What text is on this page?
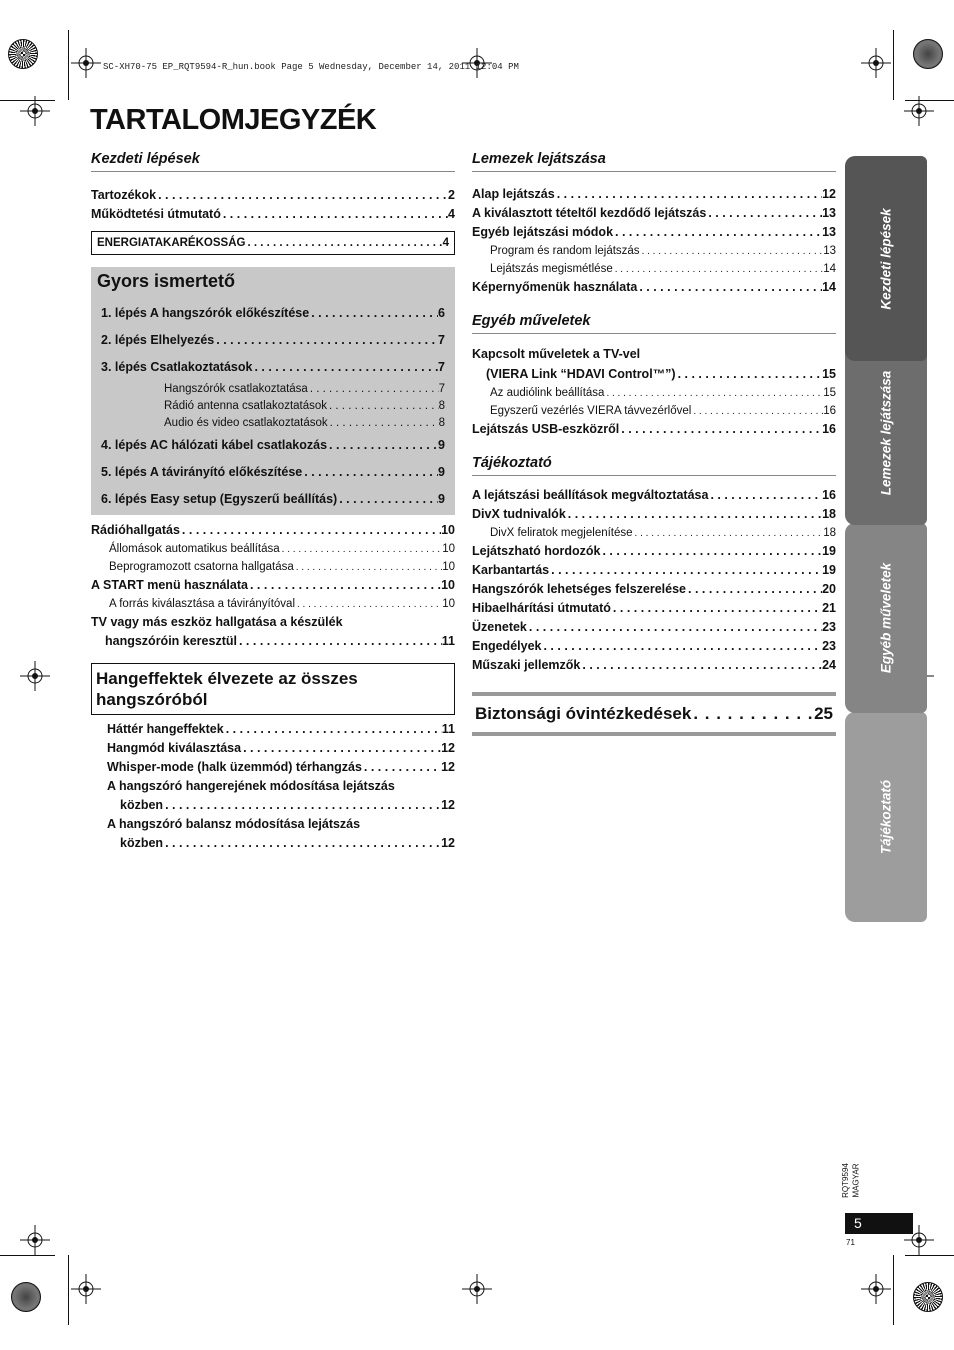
SC-XH70-75 EP_RQT9594-R_hun.book Page 5 Wednesday, December 14, 2011 12:04 PM
TARTALOMJEGYZÉK
Kezdeti lépések
Tartozékok . . .	2
Működtetési útmutató . . .	4
ENERGIATAKARÉKOSSÁG . . .	4
Gyors ismertető
1. lépés A hangszórók előkészítése . . .	6
2. lépés Elhelyezés . . .	7
3. lépés Csatlakoztatások . . .	7
Hangszórók csatlakoztatása . . .	7
Rádió antenna csatlakoztatások . . .	8
Audio és video csatlakoztatások . . .	8
4. lépés AC hálózati kábel csatlakozás . . .	9
5. lépés A távirányító előkészítése . . .	9
6. lépés Easy setup (Egyszerű beállítás) . . .	9
Rádióhallgatás . . .	10
Állomások automatikus beállítása . . .	10
Beprogramozott csatorna hallgatása . . .	10
A START menü használata . . .	10
A forrás kiválasztása a távirányítóval . . .	10
TV vagy más eszköz hallgatása a készülék
hangszóróin keresztül . . .	11
Hangeffektek élvezete az összes
hangszóróból
Háttér hangeffektek . . .	11
Hangmód kiválasztása . . .	12
Whisper-mode (halk üzemmód) térhangzás . . .	12
A hangszóró hangerejének módosítása lejátszás
közben . . .	12
A hangszóró balansz módosítása lejátszás
közben . . .	12
Lemezek lejátszása
Alap lejátszás . . .	12
A kiválasztott tételtől kezdődő lejátszás . . .	13
Egyéb lejátszási módok . . .	13
Program és random lejátszás . . .	13
Lejátszás megismétlése . . .	14
Képernyőmenük használata . . .	14
Egyéb műveletek
Kapcsolt műveletek a TV-vel
(VIERA Link “HDAVI Control™”) . . .	15
Az audiólink beállítása . . .	15
Egyszerű vezérlés VIERA távvezérlővel . . .	16
Lejátszás USB-eszközről . . .	16
Tájékoztató
A lejátszási beállítások megváltoztatása . . .	16
DivX tudnivalók . . .	18
DivX feliratok megjelenítése . . .	18
Lejátszható hordozók . . .	19
Karbantartás . . .	19
Hangszórók lehetséges felszerelése . . .	20
Hibaelhárítási útmutató . . .	21
Üzenetek . . .	23
Engedélyek . . .	23
Műszaki jellemzők . . .	24
Biztonsági óvintézkedések . . .	25
Kezdeti lépések
Lemezek lejátszása
Egyéb műveletek
Tájékoztató
RQT9594 MAGYAR
5
71
